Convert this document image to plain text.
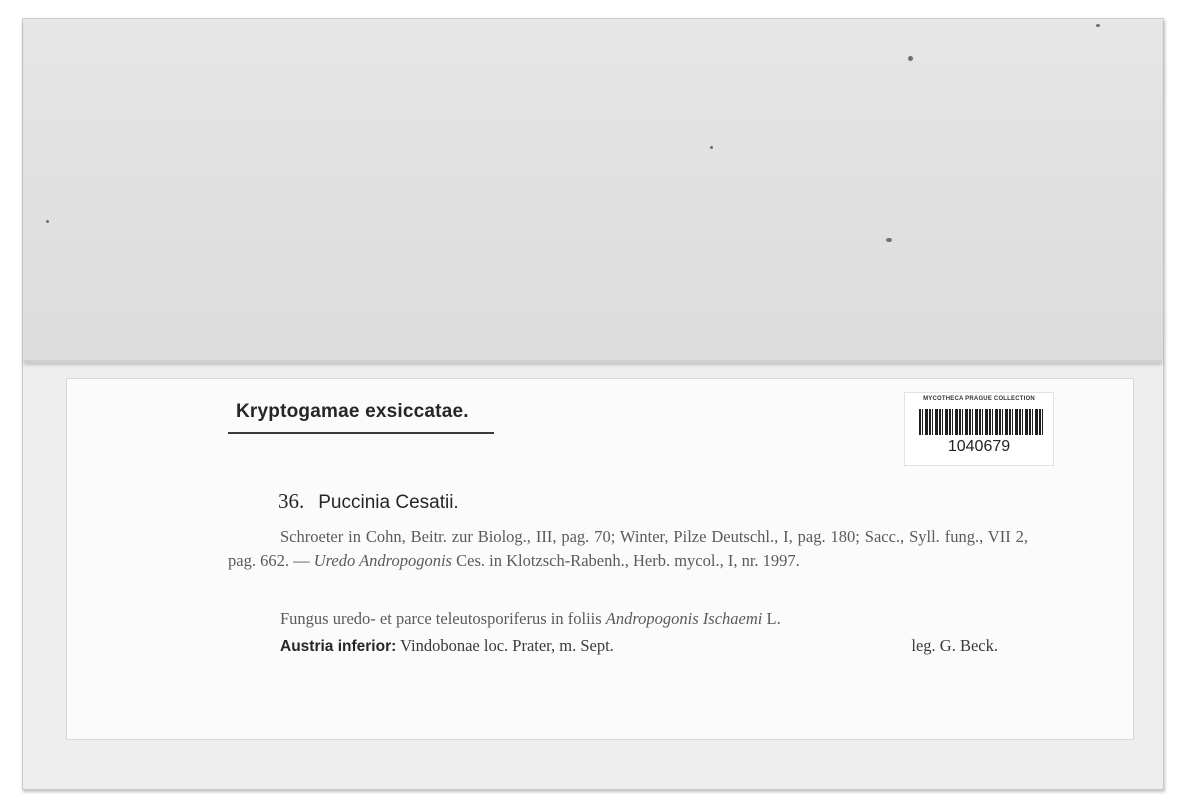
Kryptogamae exsiccatae.
MYCOTHECA PRAGUE COLLECTION
1040679
36. Puccinia Cesatii.
Schroeter in Cohn, Beitr. zur Biolog., III, pag. 70; Winter, Pilze Deutschl., I, pag. 180; Sacc., Syll. fung., VII 2, pag. 662. — Uredo Andropogonis Ces. in Klotzsch-Rabenh., Herb. mycol., I, nr. 1997.
Fungus uredo- et parce teleutosporiferus in foliis Andropogonis Ischaemi L.
Austria inferior: Vindobonae loc. Prater, m. Sept.	leg. G. Beck.
